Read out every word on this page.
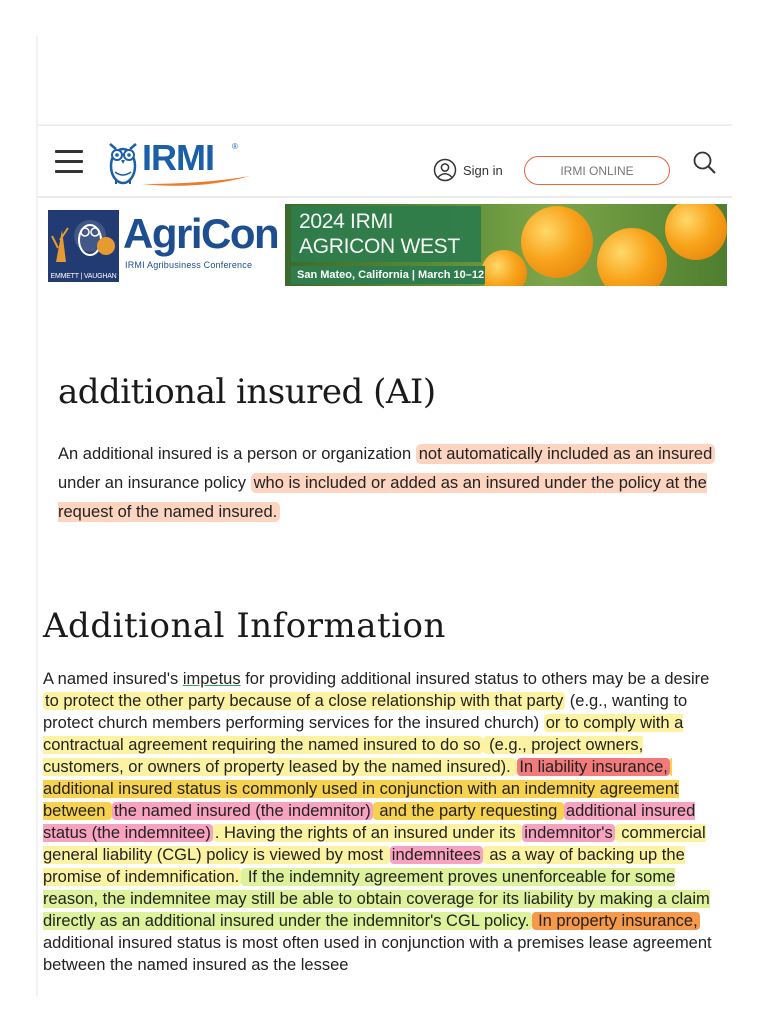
IRMI ®
Sign in	IRMI ONLINE
EMMETT | VAUGHAN
AgriCon
IRMI Agribusiness Conference
2024 IRMI
AGRICON WEST
San Mateo, California | March 10–12
additional insured (AI)

An additional insured is a person or organization not automatically included as an insured under an insurance policy who is included or added as an insured under the policy at the request of the named insured.

Additional Information

A named insured's impetus for providing additional insured status to others may be a desire to protect the other party because of a close relationship with that party (e.g., wanting to protect church members performing services for the insured church) or to comply with a contractual agreement requiring the named insured to do so (e.g., project owners, customers, or owners of property leased by the named insured). In liability insurance, additional insured status is commonly used in conjunction with an indemnity agreement between the named insured (the indemnitor) and the party requesting additional insured status (the indemnitee) . Having the rights of an insured under its indemnitor's commercial general liability (CGL) policy is viewed by most indemnitees as a way of backing up the promise of indemnification. If the indemnity agreement proves unenforceable for some reason, the indemnitee may still be able to obtain coverage for its liability by making a claim directly as an additional insured under the indemnitor's CGL policy. In property insurance, additional insured status is most often used in conjunction with a premises lease agreement between the named insured as the lessee
